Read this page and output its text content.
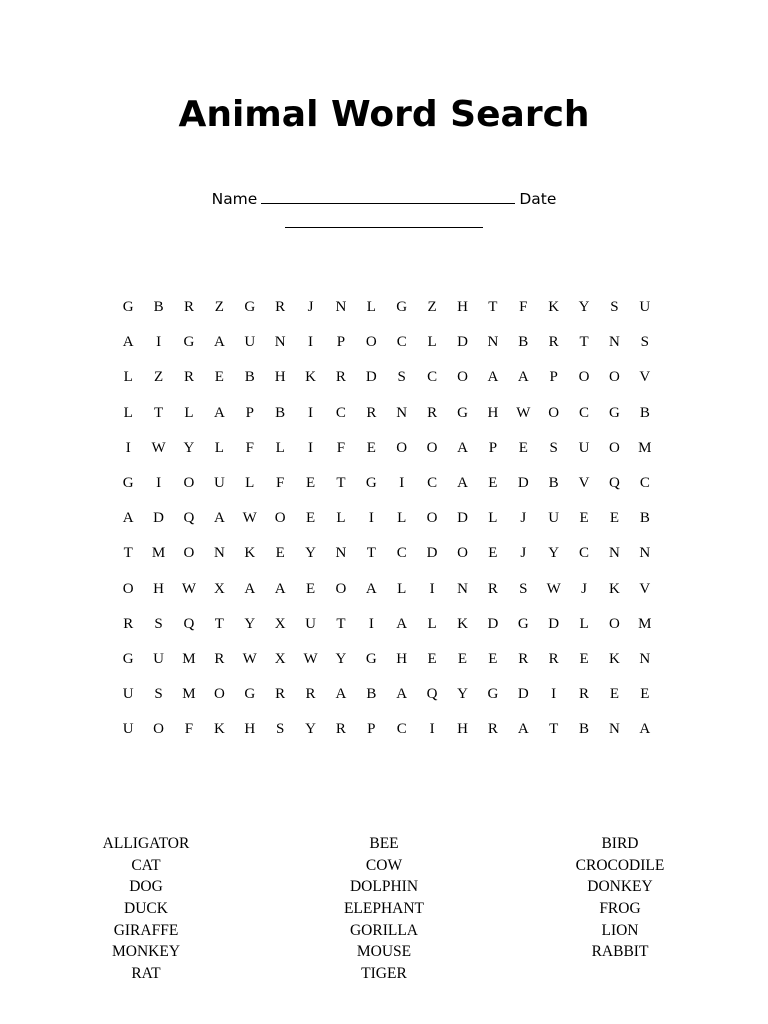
Animal Word Search
Name	Date

G	B	R	Z	G	R	J	N	L	G	Z	H	T	F	K	Y	S	U
A	I	G	A	U	N	I	P	O	C	L	D	N	B	R	T	N	S
L	Z	R	E	B	H	K	R	D	S	C	O	A	A	P	O	O	V
L	T	L	A	P	B	I	C	R	N	R	G	H	W	O	C	G	B
I	W	Y	L	F	L	I	F	E	O	O	A	P	E	S	U	O	M
G	I	O	U	L	F	E	T	G	I	C	A	E	D	B	V	Q	C
A	D	Q	A	W	O	E	L	I	L	O	D	L	J	U	E	E	B
T	M	O	N	K	E	Y	N	T	C	D	O	E	J	Y	C	N	N
O	H	W	X	A	A	E	O	A	L	I	N	R	S	W	J	K	V
R	S	Q	T	Y	X	U	T	I	A	L	K	D	G	D	L	O	M
G	U	M	R	W	X	W	Y	G	H	E	E	E	R	R	E	K	N
U	S	M	O	G	R	R	A	B	A	Q	Y	G	D	I	R	E	E
U	O	F	K	H	S	Y	R	P	C	I	H	R	A	T	B	N	A
ALLIGATOR
CAT
DOG
DUCK
GIRAFFE
MONKEY
RAT
BEE
COW
DOLPHIN
ELEPHANT
GORILLA
MOUSE
TIGER
BIRD
CROCODILE
DONKEY
FROG
LION
RABBIT
